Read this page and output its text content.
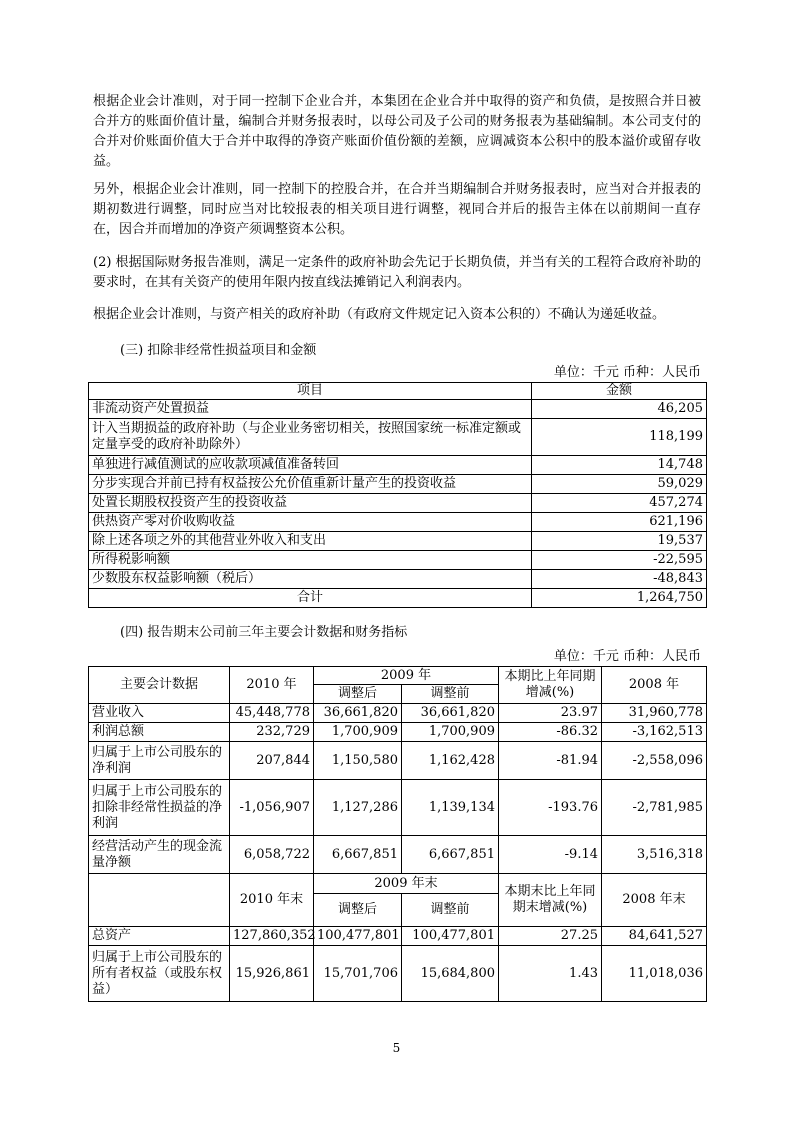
根据企业会计准则，对于同一控制下企业合并，本集团在企业合并中取得的资产和负债，是按照合并日被合并方的账面价值计量，编制合并财务报表时，以母公司及子公司的财务报表为基础编制。本公司支付的合并对价账面价值大于合并中取得的净资产账面价值份额的差额，应调减资本公积中的股本溢价或留存收益。
另外，根据企业会计准则，同一控制下的控股合并，在合并当期编制合并财务报表时，应当对合并报表的期初数进行调整，同时应当对比较报表的相关项目进行调整，视同合并后的报告主体在以前期间一直存在，因合并而增加的净资产须调整资本公积。
(2) 根据国际财务报告准则，满足一定条件的政府补助会先记于长期负债，并当有关的工程符合政府补助的要求时，在其有关资产的使用年限内按直线法摊销记入利润表内。
根据企业会计准则，与资产相关的政府补助（有政府文件规定记入资本公积的）不确认为递延收益。
(三) 扣除非经常性损益项目和金额
单位：千元 币种：人民币
项目	金额
非流动资产处置损益	46,205
计入当期损益的政府补助（与企业业务密切相关，按照国家统一标准定额或定量享受的政府补助除外）	118,199
单独进行减值测试的应收款项减值准备转回	14,748
分步实现合并前已持有权益按公允价值重新计量产生的投资收益	59,029
处置长期股权投资产生的投资收益	457,274
供热资产零对价收购收益	621,196
除上述各项之外的其他营业外收入和支出	19,537
所得税影响额	-22,595
少数股东权益影响额（税后）	-48,843
合计	1,264,750
(四) 报告期末公司前三年主要会计数据和财务指标
单位：千元 币种：人民币
主要会计数据	2010 年	2009 年		本期比上年同期增减(%)	2008 年
		调整后	调整前		
营业收入	45,448,778	36,661,820	36,661,820	23.97	31,960,778
利润总额	232,729	1,700,909	1,700,909	-86.32	-3,162,513
归属于上市公司股东的净利润	207,844	1,150,580	1,162,428	-81.94	-2,558,096
归属于上市公司股东的扣除非经常性损益的净利润	-1,056,907	1,127,286	1,139,134	-193.76	-2,781,985
经营活动产生的现金流量净额	6,058,722	6,667,851	6,667,851	-9.14	3,516,318
	2010 年末	2009 年末		本期末比上年同期末增减(%)	2008 年末
		调整后	调整前		
总资产	127,860,352	100,477,801	100,477,801	27.25	84,641,527
归属于上市公司股东的所有者权益（或股东权益）	15,926,861	15,701,706	15,684,800	1.43	11,018,036
5
